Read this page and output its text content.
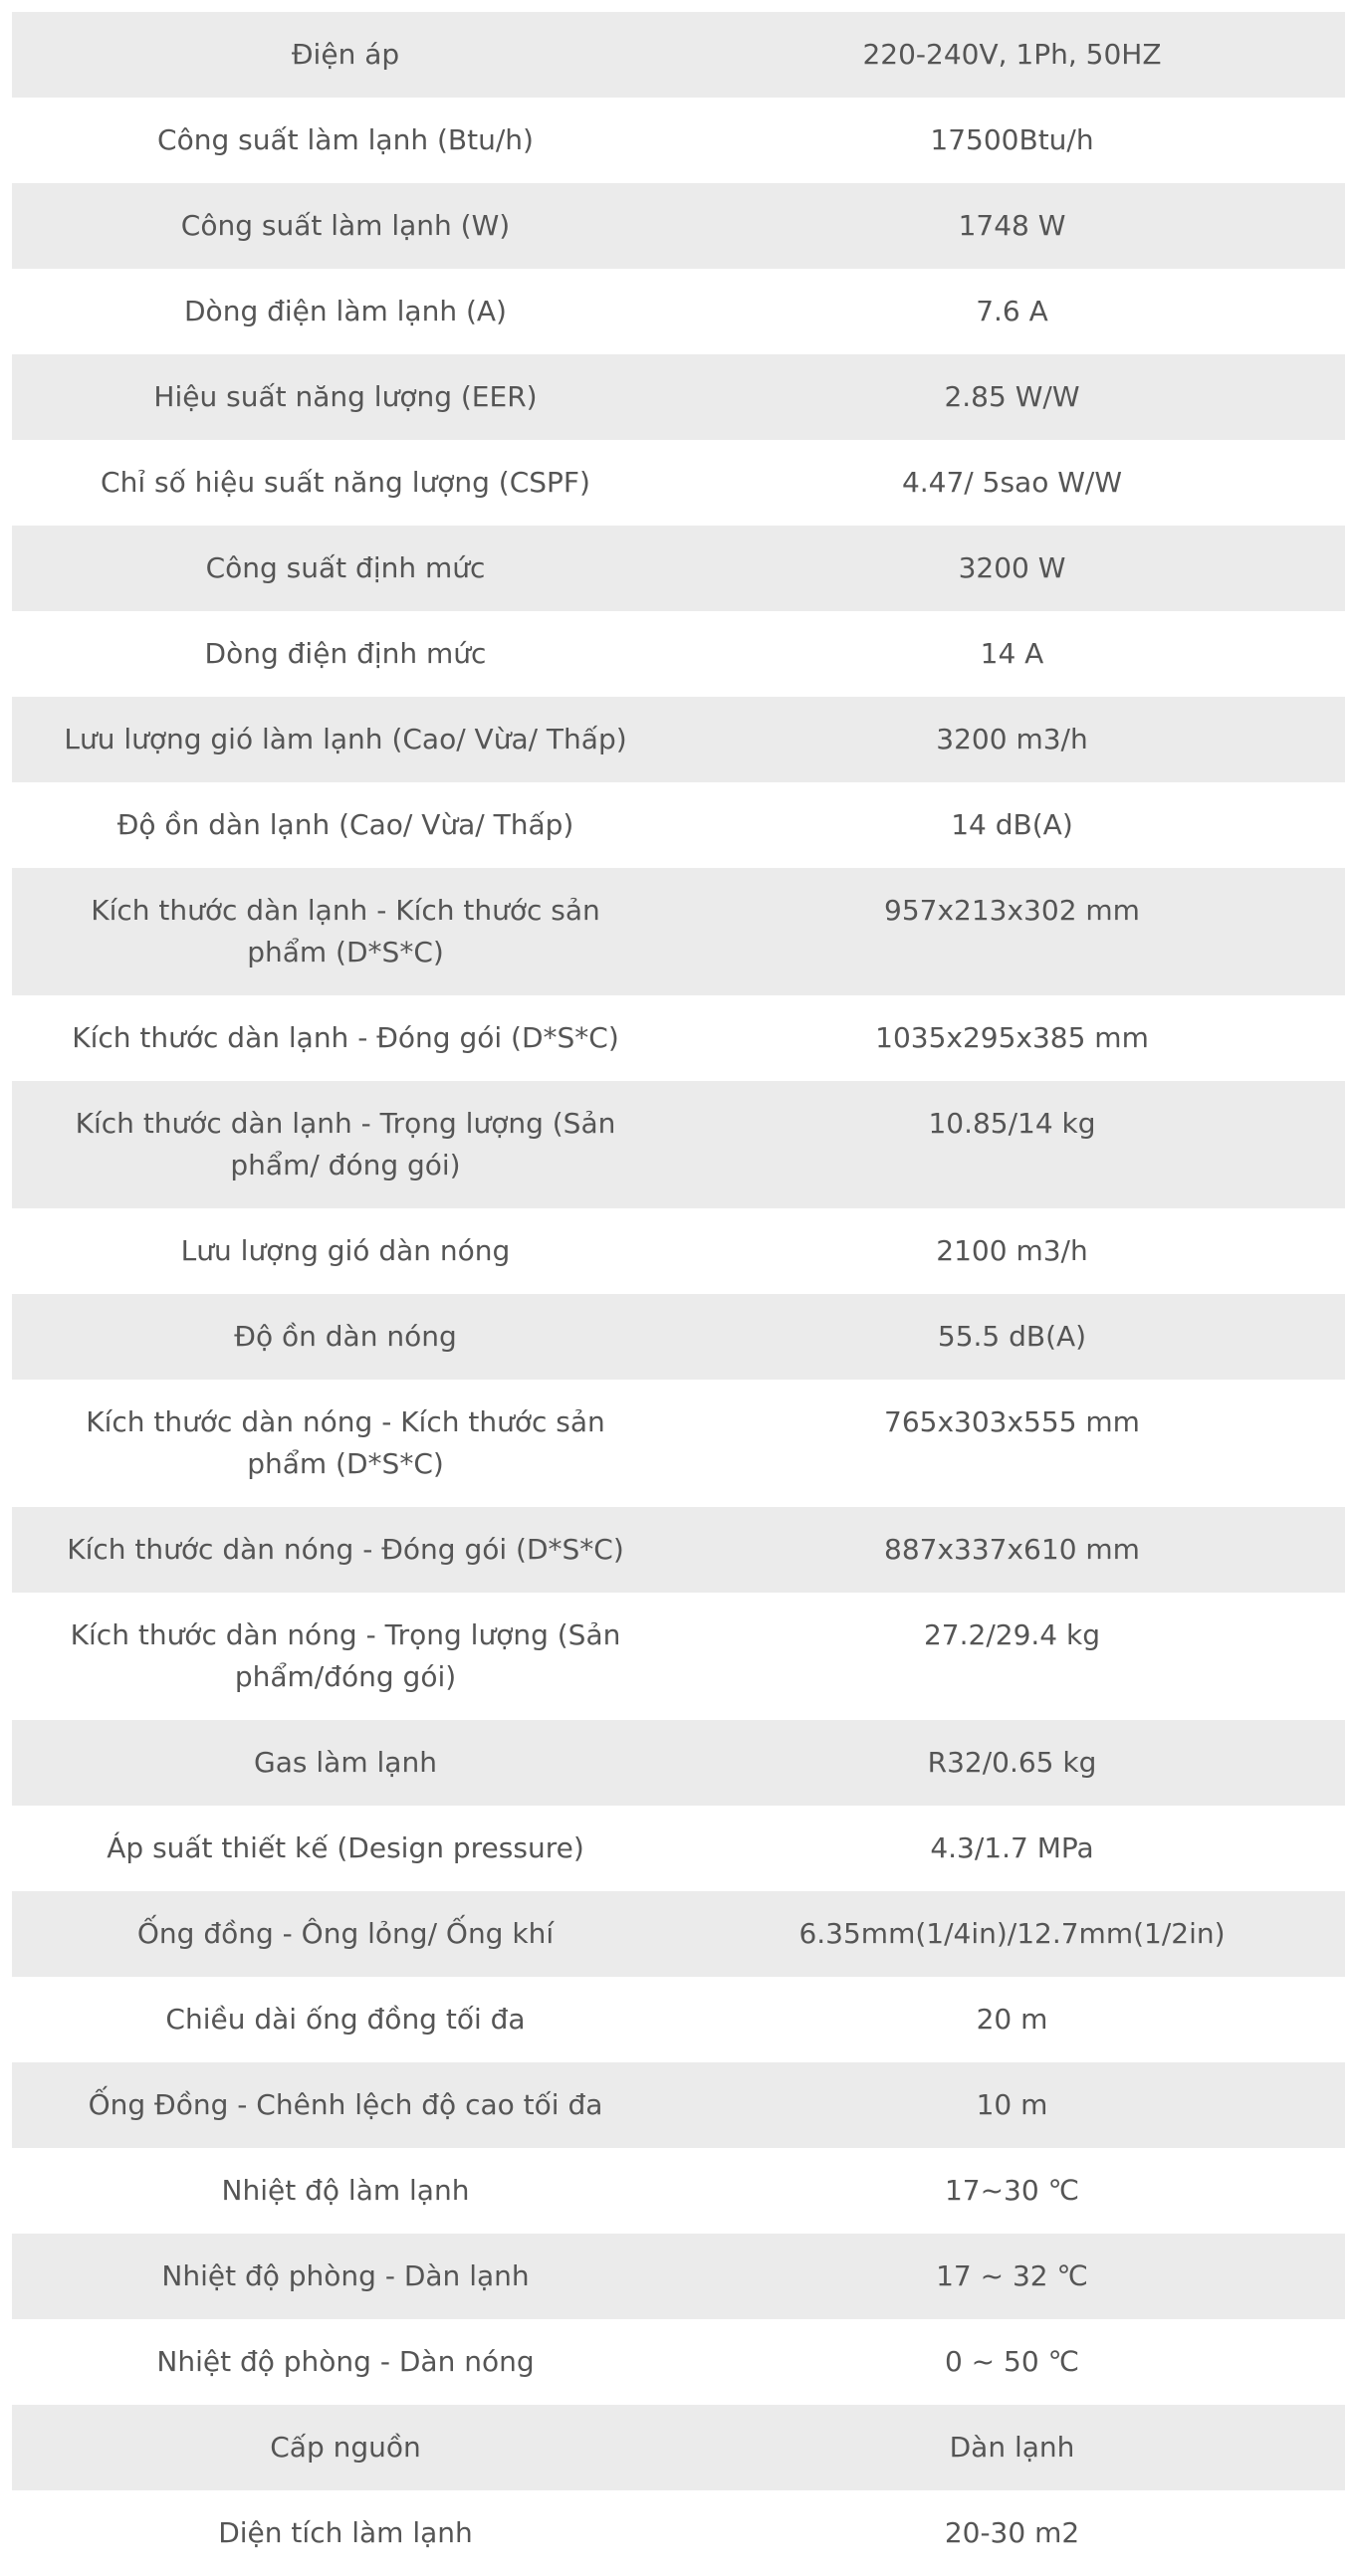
Điện áp	220-240V, 1Ph, 50HZ
Công suất làm lạnh (Btu/h)	17500Btu/h
Công suất làm lạnh (W)	1748 W
Dòng điện làm lạnh (A)	7.6 A
Hiệu suất năng lượng (EER)	2.85 W/W
Chỉ số hiệu suất năng lượng (CSPF)	4.47/ 5sao W/W
Công suất định mức	3200 W
Dòng điện định mức	14 A
Lưu lượng gió làm lạnh (Cao/ Vừa/ Thấp)	3200 m3/h
Độ ồn dàn lạnh (Cao/ Vừa/ Thấp)	14 dB(A)
Kích thước dàn lạnh - Kích thước sản phẩm (D*S*C)	957x213x302 mm
Kích thước dàn lạnh - Đóng gói (D*S*C)	1035x295x385 mm
Kích thước dàn lạnh - Trọng lượng (Sản phẩm/ đóng gói)	10.85/14 kg
Lưu lượng gió dàn nóng	2100 m3/h
Độ ồn dàn nóng	55.5 dB(A)
Kích thước dàn nóng - Kích thước sản phẩm (D*S*C)	765x303x555 mm
Kích thước dàn nóng - Đóng gói (D*S*C)	887x337x610 mm
Kích thước dàn nóng - Trọng lượng (Sản phẩm/đóng gói)	27.2/29.4 kg
Gas làm lạnh	R32/0.65 kg
Áp suất thiết kế (Design pressure)	4.3/1.7 MPa
Ống đồng - Ông lỏng/ Ống khí	6.35mm(1/4in)/12.7mm(1/2in)
Chiều dài ống đồng tối đa	20 m
Ống Đồng - Chênh lệch độ cao tối đa	10 m
Nhiệt độ làm lạnh	17~30 ℃
Nhiệt độ phòng - Dàn lạnh	17 ~ 32 ℃
Nhiệt độ phòng - Dàn nóng	0 ~ 50 ℃
Cấp nguồn	Dàn lạnh
Diện tích làm lạnh	20-30 m2
